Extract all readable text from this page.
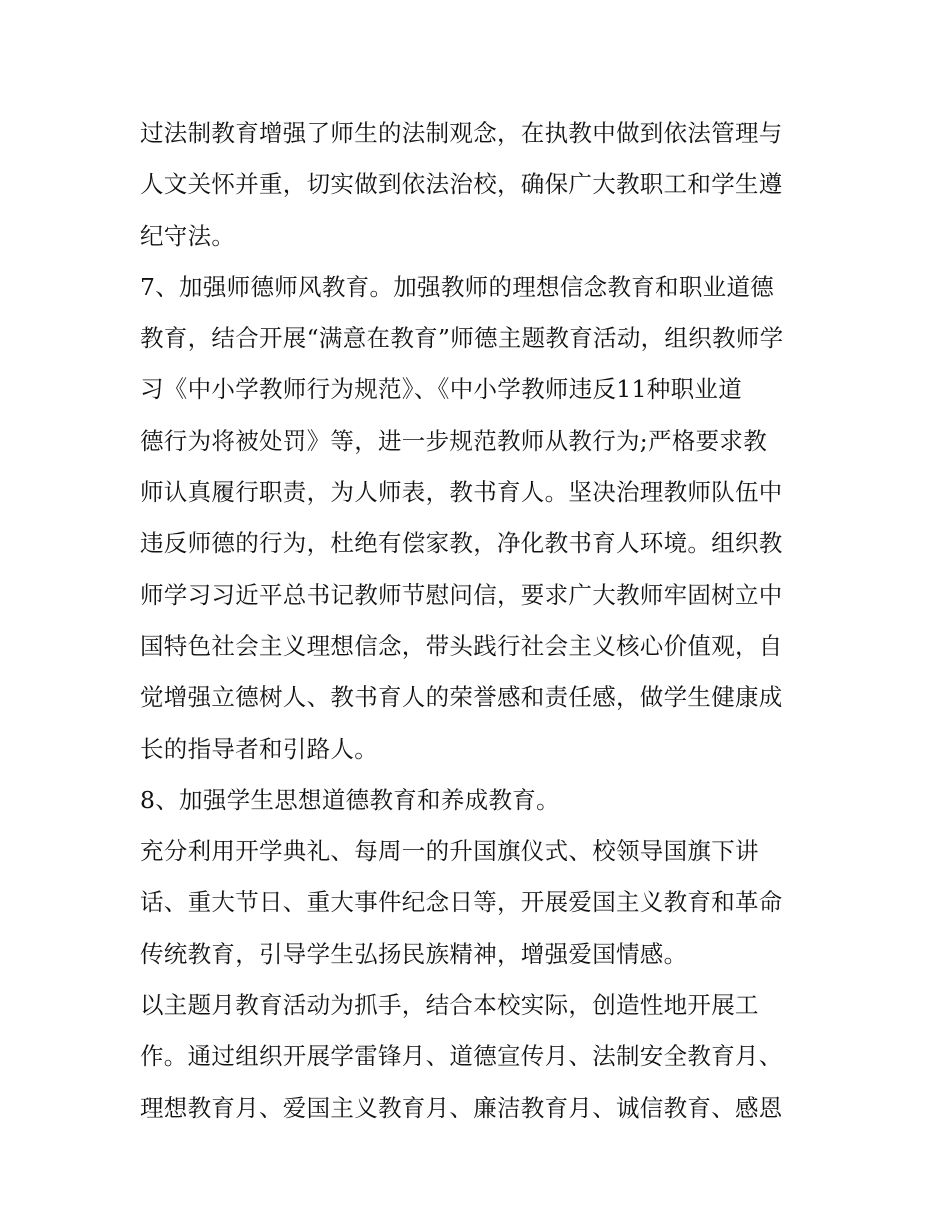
过法制教育增强了师生的法制观念，在执教中做到依法管理与
人文关怀并重，切实做到依法治校，确保广大教职工和学生遵
纪守法。
7、加强师德师风教育。加强教师的理想信念教育和职业道德
教育，结合开展“满意在教育”师德主题教育活动，组织教师学
习《中小学教师行为规范》、《中小学教师违反11种职业道
德行为将被处罚》等，进一步规范教师从教行为;严格要求教
师认真履行职责，为人师表，教书育人。坚决治理教师队伍中
违反师德的行为，杜绝有偿家教，净化教书育人环境。组织教
师学习习近平总书记教师节慰问信，要求广大教师牢固树立中
国特色社会主义理想信念，带头践行社会主义核心价值观，自
觉增强立德树人、教书育人的荣誉感和责任感，做学生健康成
长的指导者和引路人。
8、加强学生思想道德教育和养成教育。
充分利用开学典礼、每周一的升国旗仪式、校领导国旗下讲
话、重大节日、重大事件纪念日等，开展爱国主义教育和革命
传统教育，引导学生弘扬民族精神，增强爱国情感。
以主题月教育活动为抓手，结合本校实际，创造性地开展工
作。通过组织开展学雷锋月、道德宣传月、法制安全教育月、
理想教育月、爱国主义教育月、廉洁教育月、诚信教育、感恩
